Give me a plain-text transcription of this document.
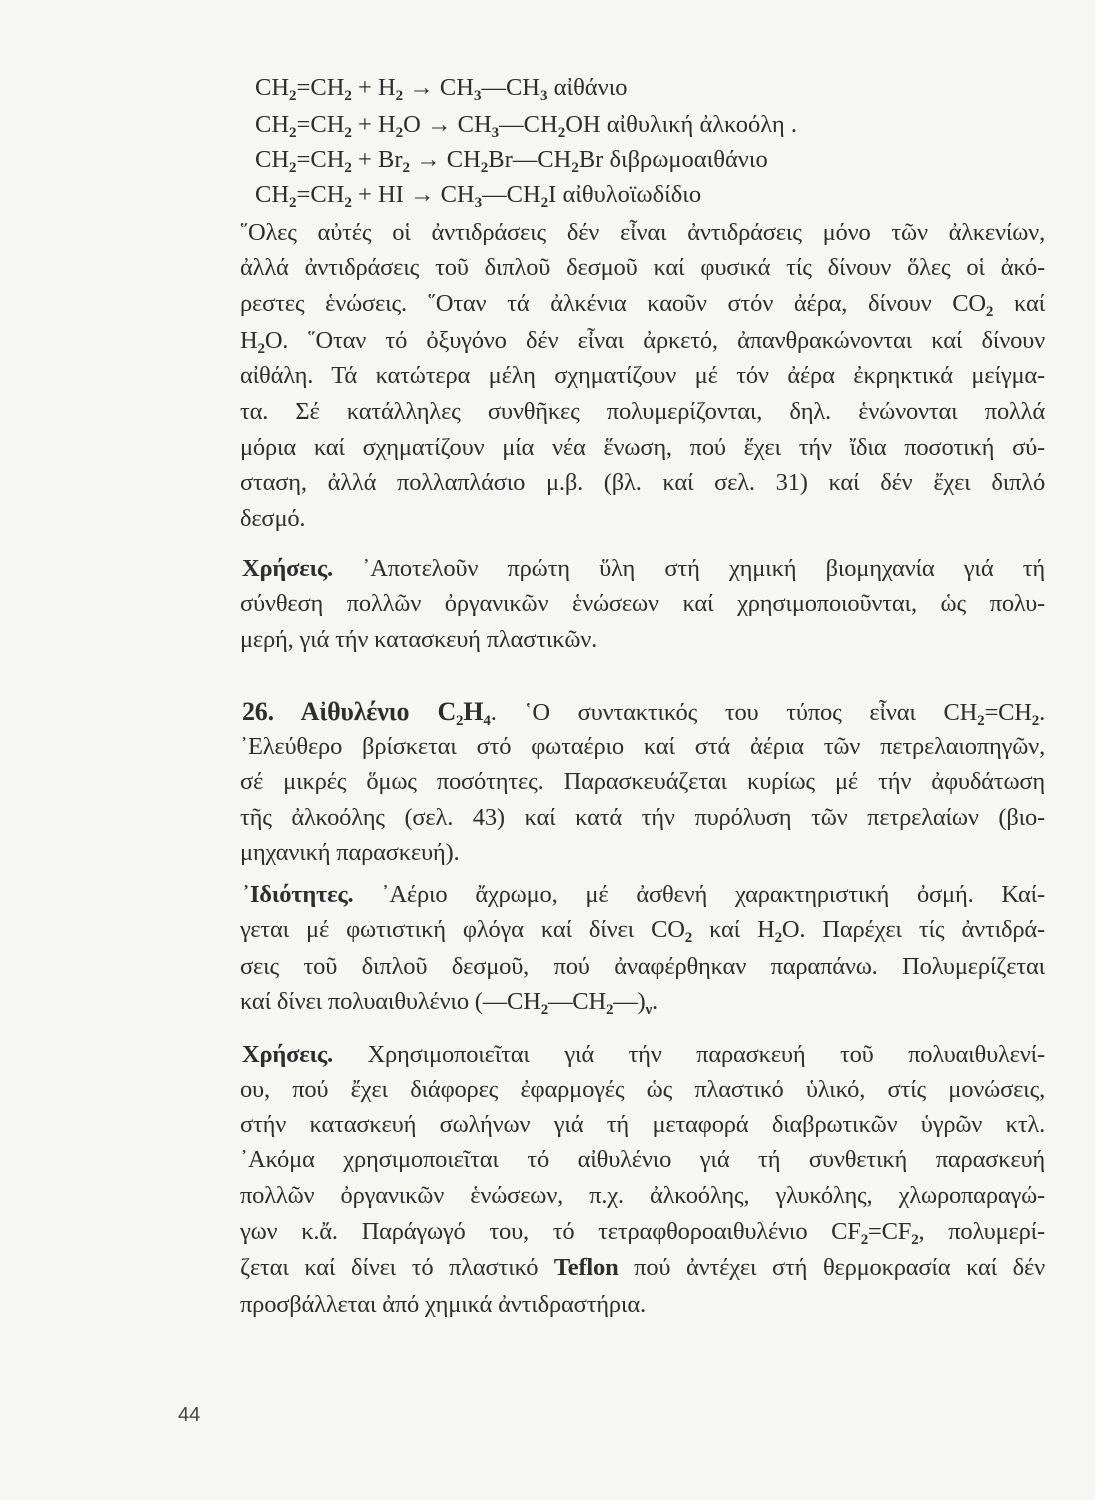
$CH_2=CH_2 + H_2$ → $CH_3—CH_3$ αἰθάνιο
$CH_2=CH_2 + H_2O$ → $CH_3—CH_2OH$ αἰθυλική ἀλκοόλη .
$CH_2=CH_2 + Br_2$ → $CH_2Br—CH_2Br$ διβρωμοαιθάνιο
$CH_2=CH_2$ + HI → $CH_3—CH_2I$ αἰθυλοϊωδίδιο
῞Ολες αὐτές οἱ ἀντιδράσεις δέν εἶναι ἀντιδράσεις μόνο τῶν ἀλκενίων,
ἀλλά ἀντιδράσεις τοῦ διπλοῦ δεσμοῦ καί φυσικά τίς δίνουν ὅλες οἱ ἀκό-
ρεστες ἑνώσεις. ῞Οταν τά ἀλκένια καοῦν στόν ἀέρα, δίνουν $CO_2$ καί
$H_2O$. ῞Οταν τό ὀξυγόνο δέν εἶναι ἀρκετό, ἀπανθρακώνονται καί δίνουν
αἰθάλη. Τά κατώτερα μέλη σχηματίζουν μέ τόν ἀέρα ἐκρηκτικά μείγμα-
τα. Σέ κατάλληλες συνθῆκες πολυμερίζονται, δηλ. ἑνώνονται πολλά
μόρια καί σχηματίζουν μία νέα ἕνωση, πού ἔχει τήν ἴδια ποσοτική σύ-
σταση, ἀλλά πολλαπλάσιο μ.β. (βλ. καί σελ. 31) καί δέν ἔχει διπλό
δεσμό.
Χρήσεις. ᾿Αποτελοῦν πρώτη ὕλη στή χημική βιομηχανία γιά τή
σύνθεση πολλῶν ὀργανικῶν ἑνώσεων καί χρησιμοποιοῦνται, ὡς πολυ-
μερή, γιά τήν κατασκευή πλαστικῶν.
26. Αἰθυλένιο $C_2H_4$. ῾Ο συντακτικός του τύπος εἶναι $CH_2=CH_2$.
᾿Ελεύθερο βρίσκεται στό φωταέριο καί στά ἀέρια τῶν πετρελαιοπηγῶν,
σέ μικρές ὅμως ποσότητες. Παρασκευάζεται κυρίως μέ τήν ἀφυδάτωση
τῆς ἀλκοόλης (σελ. 43) καί κατά τήν πυρόλυση τῶν πετρελαίων (βιο-
μηχανική παρασκευή).
᾿Ιδιότητες. ᾿Αέριο ἄχρωμο, μέ ἀσθενή χαρακτηριστική ὀσμή. Καί-
γεται μέ φωτιστική φλόγα καί δίνει $CO_2$ καί $H_2O$. Παρέχει τίς ἀντιδρά-
σεις τοῦ διπλοῦ δεσμοῦ, πού ἀναφέρθηκαν παραπάνω. Πολυμερίζεται
καί δίνει πολυαιθυλένιο $(—CH_2—CH_2—)_\nu$.
Χρήσεις. Χρησιμοποιεῖται γιά τήν παρασκευή τοῦ πολυαιθυλενί-
ου, πού ἔχει διάφορες ἐφαρμογές ὡς πλαστικό ὑλικό, στίς μονώσεις,
στήν κατασκευή σωλήνων γιά τή μεταφορά διαβρωτικῶν ὑγρῶν κτλ.
᾿Ακόμα χρησιμοποιεῖται τό αἰθυλένιο γιά τή συνθετική παρασκευή
πολλῶν ὀργανικῶν ἑνώσεων, π.χ. ἀλκοόλης, γλυκόλης, χλωροπαραγώ-
γων κ.ἄ. Παράγωγό του, τό τετραφθοροαιθυλένιο $CF_2=CF_2$, πολυμερί-
ζεται καί δίνει τό πλαστικό Teflon πού ἀντέχει στή θερμοκρασία καί δέν
προσβάλλεται ἀπό χημικά ἀντιδραστήρια.
44
